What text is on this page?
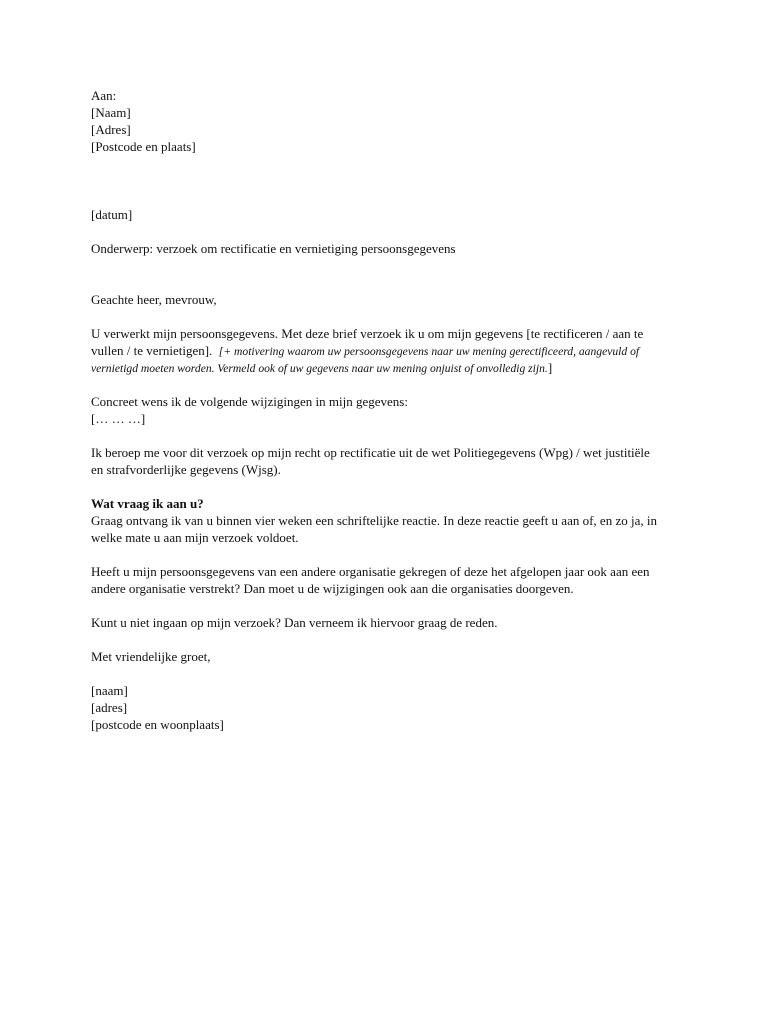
Aan:
[Naam]
[Adres]
[Postcode en plaats]
[datum]
Onderwerp: verzoek om rectificatie en vernietiging persoonsgegevens
Geachte heer, mevrouw,
U verwerkt mijn persoonsgegevens. Met deze brief verzoek ik u om mijn gegevens [te rectificeren / aan te
vullen / te vernietigen]. [+ motivering waarom uw persoonsgegevens naar uw mening gerectificeerd, aangevuld of
vernietigd moeten worden. Vermeld ook of uw gegevens naar uw mening onjuist of onvolledig zijn.]
Concreet wens ik de volgende wijzigingen in mijn gegevens:
[… … …]
Ik beroep me voor dit verzoek op mijn recht op rectificatie uit de wet Politiegegevens (Wpg) / wet justitiële
en strafvorderlijke gegevens (Wjsg).
Wat vraag ik aan u?
Graag ontvang ik van u binnen vier weken een schriftelijke reactie. In deze reactie geeft u aan of, en zo ja, in
welke mate u aan mijn verzoek voldoet.
Heeft u mijn persoonsgegevens van een andere organisatie gekregen of deze het afgelopen jaar ook aan een
andere organisatie verstrekt? Dan moet u de wijzigingen ook aan die organisaties doorgeven.
Kunt u niet ingaan op mijn verzoek? Dan verneem ik hiervoor graag de reden.
Met vriendelijke groet,
[naam]
[adres]
[postcode en woonplaats]
